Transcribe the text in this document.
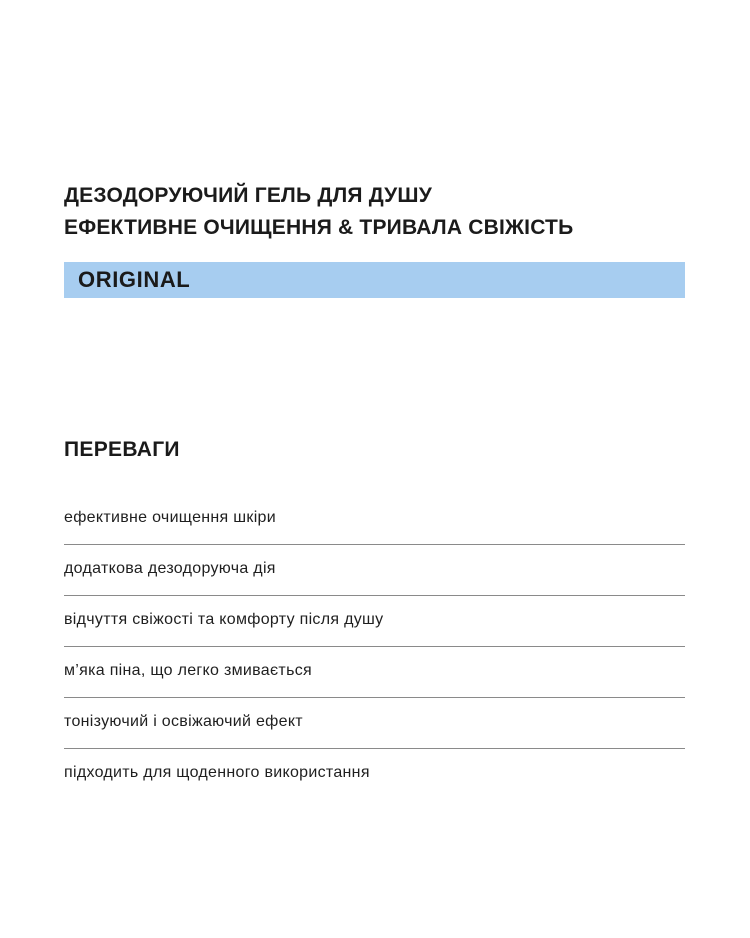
ДЕЗОДОРУЮЧИЙ ГЕЛЬ ДЛЯ ДУШУ
ЕФЕКТИВНЕ ОЧИЩЕННЯ & ТРИВАЛА СВІЖІСТЬ
ORIGINAL
ПЕРЕВАГИ
ефективне очищення шкіри
додаткова дезодоруюча дія
відчуття свіжості та комфорту після душу
м’яка піна, що легко змивається
тонізуючий і освіжаючий ефект
підходить для щоденного використання
